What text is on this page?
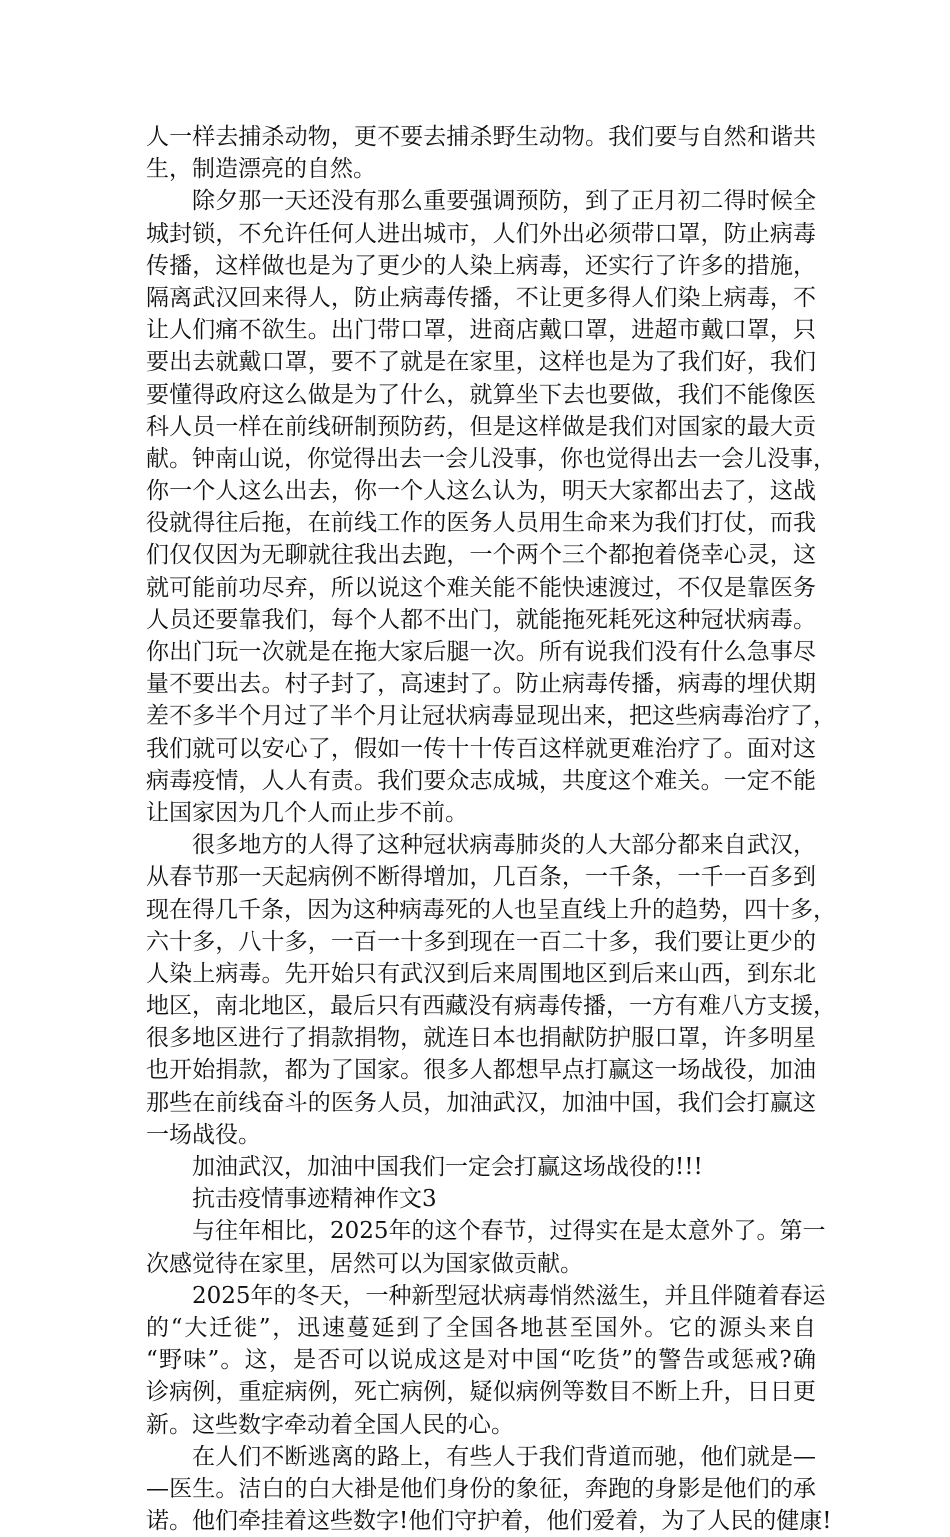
人一样去捕杀动物，更不要去捕杀野生动物。我们要与自然和谐共
生，制造漂亮的自然。
除夕那一天还没有那么重要强调预防，到了正月初二得时候全
城封锁，不允许任何人进出城市，人们外出必须带口罩，防止病毒
传播，这样做也是为了更少的人染上病毒，还实行了许多的措施，
隔离武汉回来得人，防止病毒传播，不让更多得人们染上病毒，不
让人们痛不欲生。出门带口罩，进商店戴口罩，进超市戴口罩，只
要出去就戴口罩，要不了就是在家里，这样也是为了我们好，我们
要懂得政府这么做是为了什么，就算坐下去也要做，我们不能像医
科人员一样在前线研制预防药，但是这样做是我们对国家的最大贡
献。钟南山说，你觉得出去一会儿没事，你也觉得出去一会儿没事，
你一个人这么出去，你一个人这么认为，明天大家都出去了，这战
役就得往后拖，在前线工作的医务人员用生命来为我们打仗，而我
们仅仅因为无聊就往我出去跑，一个两个三个都抱着侥幸心灵，这
就可能前功尽弃，所以说这个难关能不能快速渡过，不仅是靠医务
人员还要靠我们，每个人都不出门，就能拖死耗死这种冠状病毒。
你出门玩一次就是在拖大家后腿一次。所有说我们没有什么急事尽
量不要出去。村子封了，高速封了。防止病毒传播，病毒的埋伏期
差不多半个月过了半个月让冠状病毒显现出来，把这些病毒治疗了，
我们就可以安心了，假如一传十十传百这样就更难治疗了。面对这
病毒疫情，人人有责。我们要众志成城，共度这个难关。一定不能
让国家因为几个人而止步不前。
很多地方的人得了这种冠状病毒肺炎的人大部分都来自武汉，
从春节那一天起病例不断得增加，几百条，一千条，一千一百多到
现在得几千条，因为这种病毒死的人也呈直线上升的趋势，四十多，
六十多，八十多，一百一十多到现在一百二十多，我们要让更少的
人染上病毒。先开始只有武汉到后来周围地区到后来山西，到东北
地区，南北地区，最后只有西藏没有病毒传播，一方有难八方支援，
很多地区进行了捐款捐物，就连日本也捐献防护服口罩，许多明星
也开始捐款，都为了国家。很多人都想早点打赢这一场战役，加油
那些在前线奋斗的医务人员，加油武汉，加油中国，我们会打赢这
一场战役。
加油武汉，加油中国我们一定会打赢这场战役的!!!
抗击疫情事迹精神作文3
与往年相比，2025年的这个春节，过得实在是太意外了。第一
次感觉待在家里，居然可以为国家做贡献。
2025年的冬天，一种新型冠状病毒悄然滋生，并且伴随着春运
的“大迁徙”，迅速蔓延到了全国各地甚至国外。它的源头来自
“野味”。这，是否可以说成这是对中国“吃货”的警告或惩戒?确
诊病例，重症病例，死亡病例，疑似病例等数目不断上升，日日更
新。这些数字牵动着全国人民的心。
在人们不断逃离的路上，有些人于我们背道而驰，他们就是—
—医生。洁白的白大褂是他们身份的象征，奔跑的身影是他们的承
诺。他们牵挂着这些数字!他们守护着，他们爱着，为了人民的健康!
